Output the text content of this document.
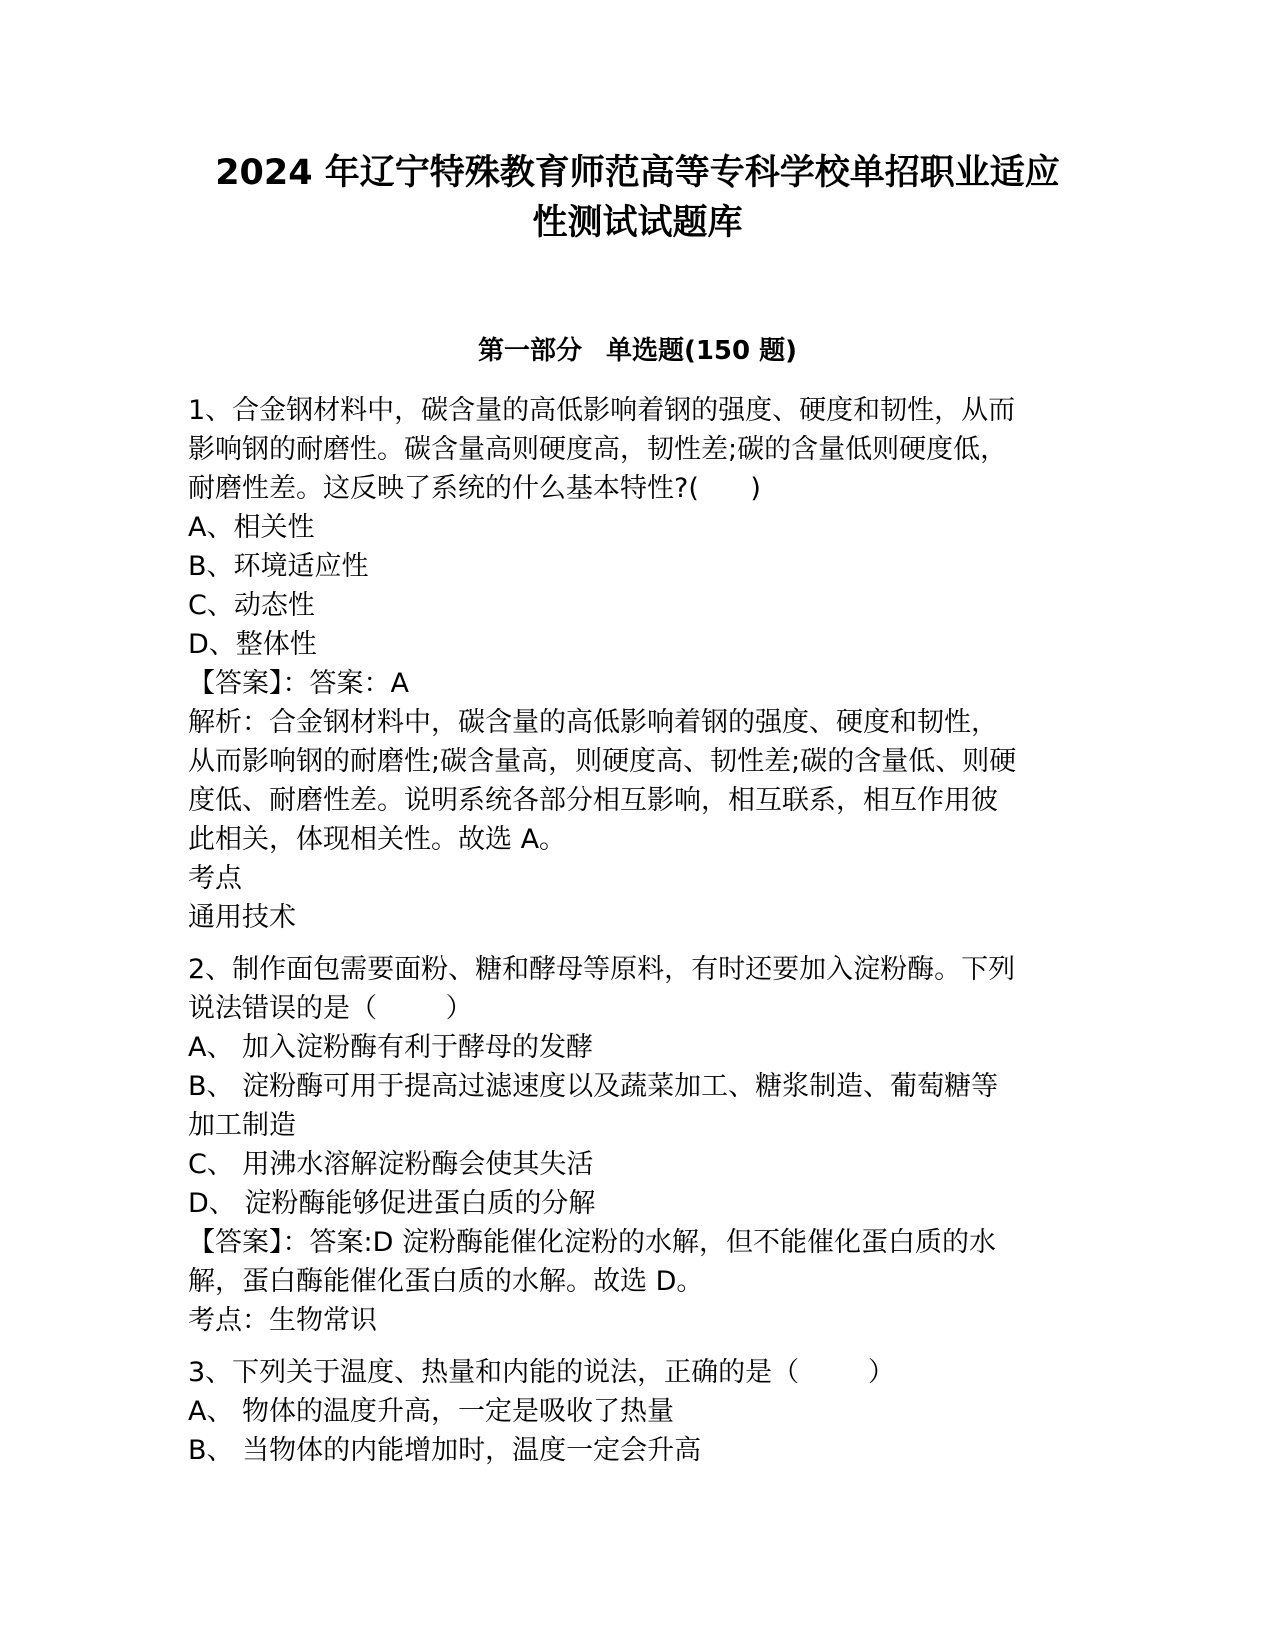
2024 年辽宁特殊教育师范高等专科学校单招职业适应
性测试试题库
第一部分 单选题(150 题)
1、合金钢材料中，碳含量的高低影响着钢的强度、硬度和韧性，从而
影响钢的耐磨性。碳含量高则硬度高，韧性差;碳的含量低则硬度低，
耐磨性差。这反映了系统的什么基本特性?(      )
A、相关性
B、环境适应性
C、动态性
D、整体性
【答案】：答案：A
解析：合金钢材料中，碳含量的高低影响着钢的强度、硬度和韧性，
从而影响钢的耐磨性;碳含量高，则硬度高、韧性差;碳的含量低、则硬
度低、耐磨性差。说明系统各部分相互影响，相互联系，相互作用彼
此相关，体现相关性。故选 A。
考点
通用技术
2、制作面包需要面粉、糖和酵母等原料，有时还要加入淀粉酶。下列
说法错误的是（        ）
A、 加入淀粉酶有利于酵母的发酵
B、 淀粉酶可用于提高过滤速度以及蔬菜加工、糖浆制造、葡萄糖等
加工制造
C、 用沸水溶解淀粉酶会使其失活
D、 淀粉酶能够促进蛋白质的分解
【答案】：答案:D 淀粉酶能催化淀粉的水解，但不能催化蛋白质的水
解，蛋白酶能催化蛋白质的水解。故选 D。
考点：生物常识
3、下列关于温度、热量和内能的说法，正确的是（        ）
A、 物体的温度升高，一定是吸收了热量
B、 当物体的内能增加时，温度一定会升高
